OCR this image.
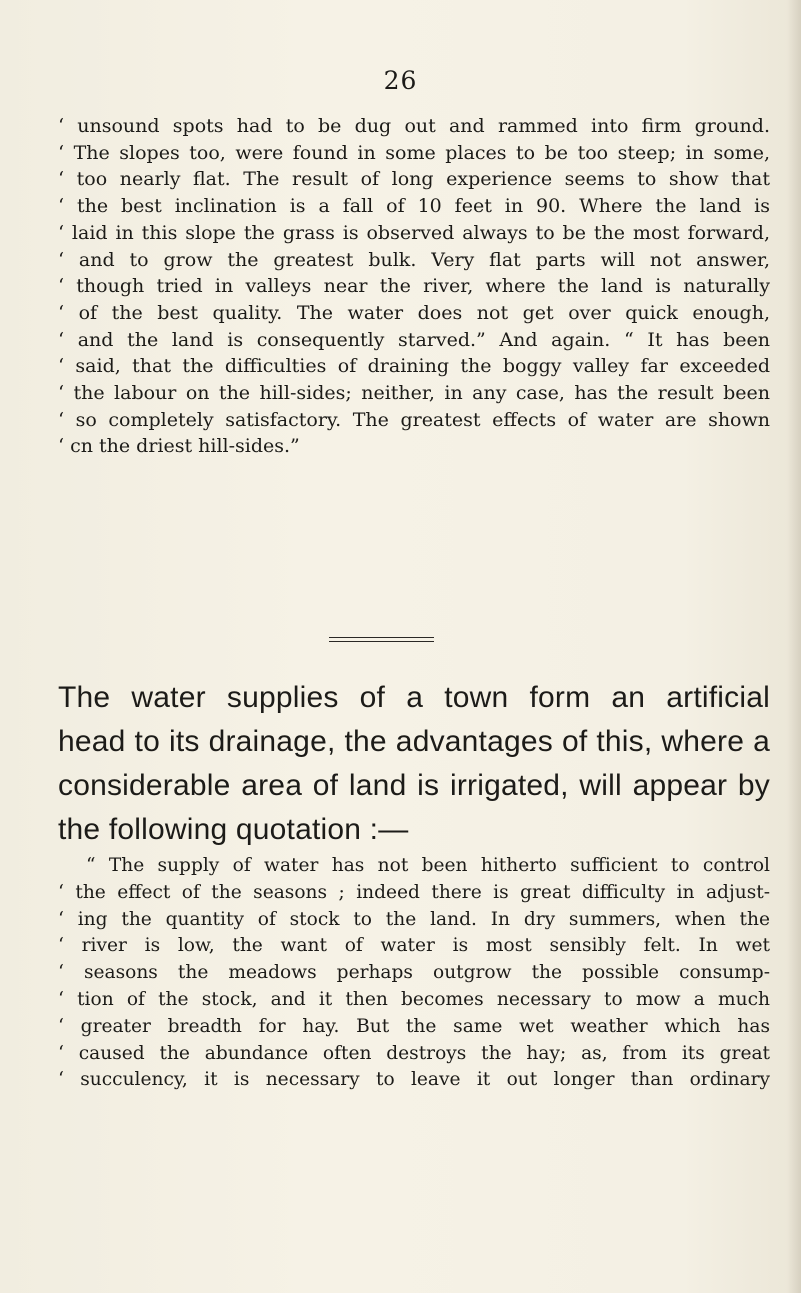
26
‘ unsound spots had to be dug out and rammed into firm ground.
‘ The slopes too, were found in some places to be too steep; in some,
‘ too nearly flat. The result of long experience seems to show that
‘ the best inclination is a fall of 10 feet in 90. Where the land is
‘ laid in this slope the grass is observed always to be the most forward,
‘ and to grow the greatest bulk. Very flat parts will not answer,
‘ though tried in valleys near the river, where the land is naturally
‘ of the best quality. The water does not get over quick enough,
‘ and the land is consequently starved.” And again. “ It has been
‘ said, that the difficulties of draining the boggy valley far exceeded
‘ the labour on the hill-sides; neither, in any case, has the result been
‘ so completely satisfactory. The greatest effects of water are shown
‘ cn the driest hill-sides.”
The water supplies of a town form an artificial
head to its drainage, the advantages of this, where a
considerable area of land is irrigated, will appear by
the following quotation :—
“ The supply of water has not been hitherto sufficient to control
‘ the effect of the seasons ; indeed there is great difficulty in adjust-
‘ ing the quantity of stock to the land. In dry summers, when the
‘ river is low, the want of water is most sensibly felt. In wet
‘ seasons the meadows perhaps outgrow the possible consump-
‘ tion of the stock, and it then becomes necessary to mow a much
‘ greater breadth for hay. But the same wet weather which has
‘ caused the abundance often destroys the hay; as, from its great
‘ succulency, it is necessary to leave it out longer than ordinary
